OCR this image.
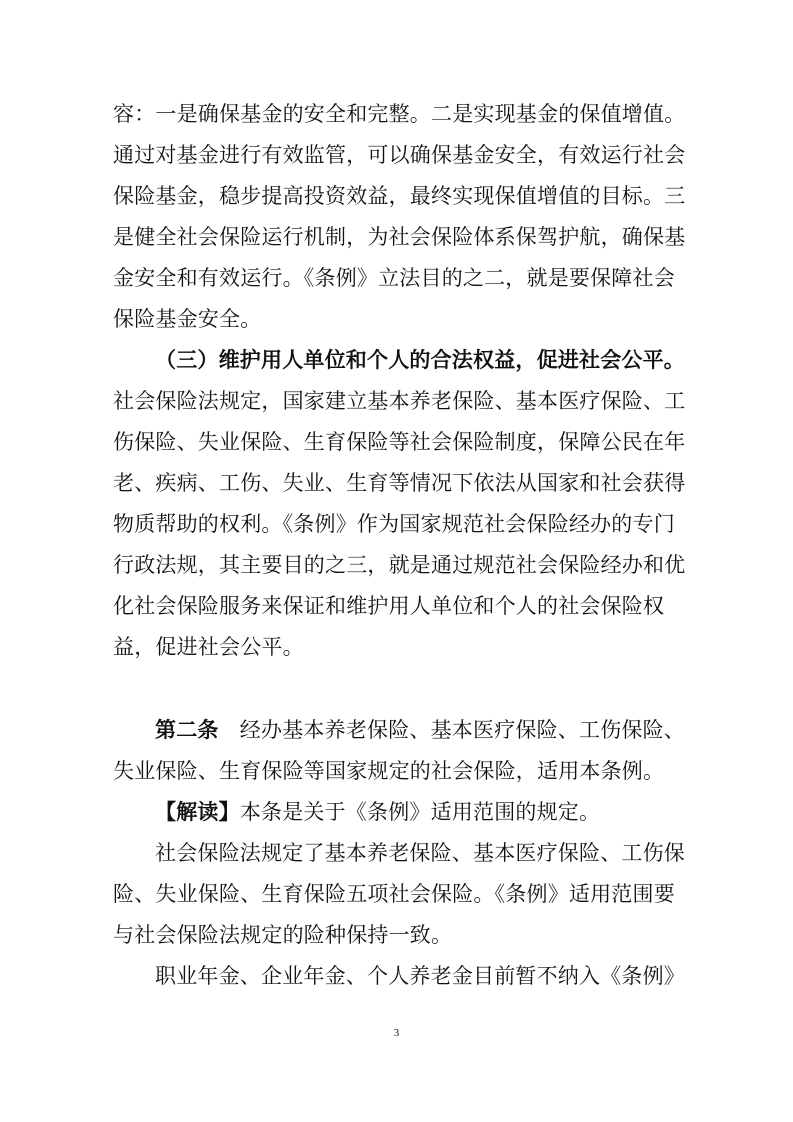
容：一是确保基金的安全和完整。二是实现基金的保值增值。
通过对基金进行有效监管，可以确保基金安全，有效运行社会
保险基金，稳步提高投资效益，最终实现保值增值的目标。三
是健全社会保险运行机制，为社会保险体系保驾护航，确保基
金安全和有效运行。《条例》立法目的之二，就是要保障社会
保险基金安全。
（三）维护用人单位和个人的合法权益，促进社会公平。
社会保险法规定，国家建立基本养老保险、基本医疗保险、工
伤保险、失业保险、生育保险等社会保险制度，保障公民在年
老、疾病、工伤、失业、生育等情况下依法从国家和社会获得
物质帮助的权利。《条例》作为国家规范社会保险经办的专门
行政法规，其主要目的之三，就是通过规范社会保险经办和优
化社会保险服务来保证和维护用人单位和个人的社会保险权
益，促进社会公平。
第二条　经办基本养老保险、基本医疗保险、工伤保险、
失业保险、生育保险等国家规定的社会保险，适用本条例。
【解读】本条是关于《条例》适用范围的规定。
社会保险法规定了基本养老保险、基本医疗保险、工伤保
险、失业保险、生育保险五项社会保险。《条例》适用范围要
与社会保险法规定的险种保持一致。
职业年金、企业年金、个人养老金目前暂不纳入《条例》
3
